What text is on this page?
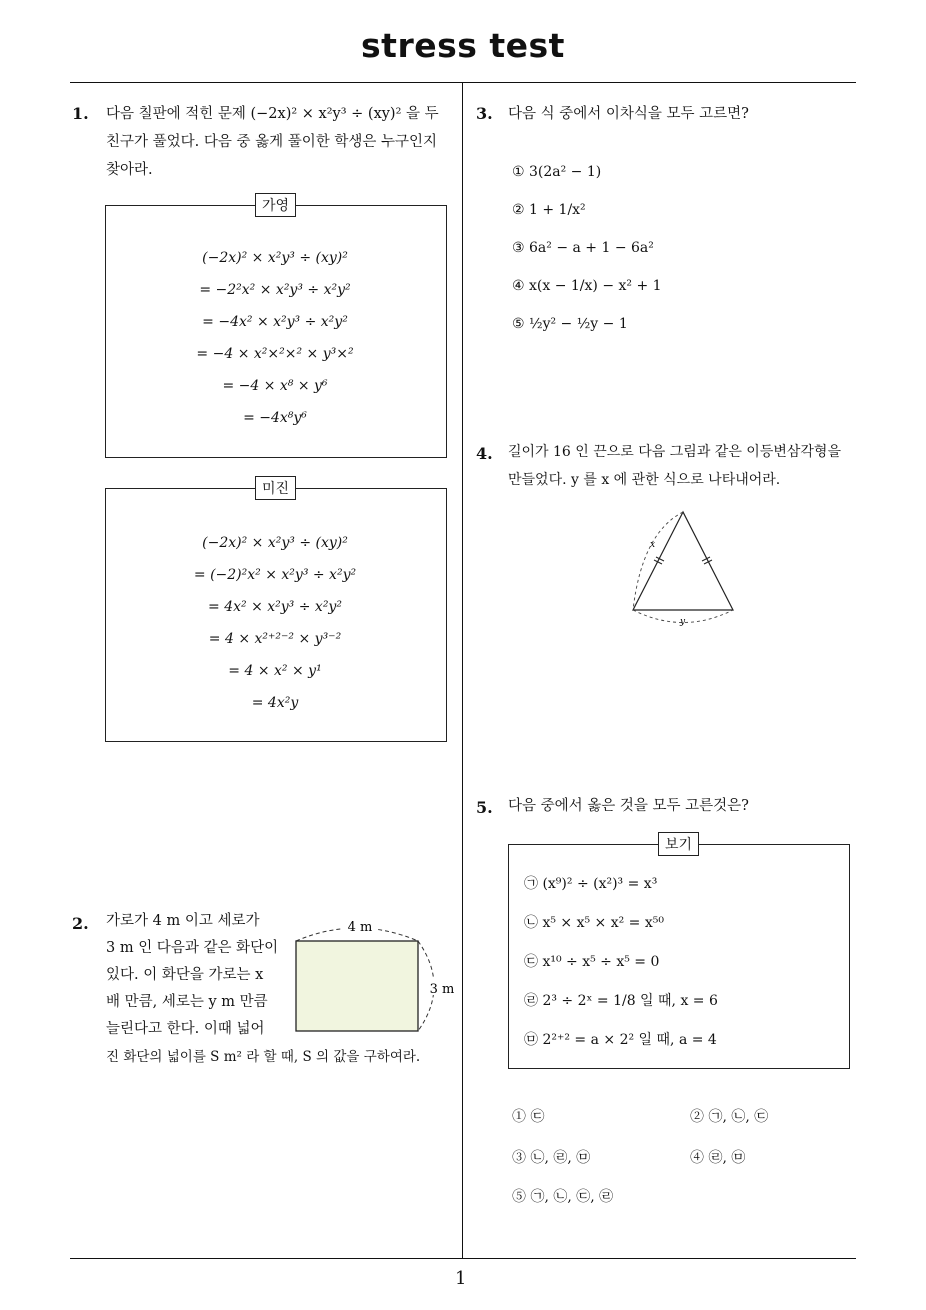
stress test
1
1. 다음 칠판에 적힌 문제 (−2x)² × x²y³ ÷ (xy)² 을 두
친구가 풀었다. 다음 중 옳게 풀이한 학생은 누구인지
찾아라.
가영
(−2x)² × x²y³ ÷ (xy)²
= −2²x² × x²y³ ÷ x²y²
= −4x² × x²y³ ÷ x²y²
= −4 × x²×²×² × y³×²
= −4 × x⁸ × y⁶
= −4x⁸y⁶
미진
(−2x)² × x²y³ ÷ (xy)²
= (−2)²x² × x²y³ ÷ x²y²
= 4x² × x²y³ ÷ x²y²
= 4 × x²⁺²⁻² × y³⁻²
= 4 × x² × y¹
= 4x²y
2. 가로가 4 m 이고 세로가
3 m 인 다음과 같은 화단이
있다. 이 화단을 가로는 x
배 만큼, 세로는 y m 만큼
늘린다고 한다. 이때 넓어
진 화단의 넓이를 S m² 라 할 때, S 의 값을 구하여라.
4 m
3 m
3. 다음 식 중에서 이차식을 모두 고르면?
① 3(2a² − 1)
② 1 + 1/x²
③ 6a² − a + 1 − 6a²
④ x(x − 1/x) − x² + 1
⑤ ½y² − ½y − 1
4. 길이가 16 인 끈으로 다음 그림과 같은 이등변삼각형을
만들었다. y 를 x 에 관한 식으로 나타내어라.
x
y
5. 다음 중에서 옳은 것을 모두 고른것은?
보기
㉠ (x⁹)² ÷ (x²)³ = x³
㉡ x⁵ × x⁵ × x² = x⁵⁰
㉢ x¹⁰ ÷ x⁵ ÷ x⁵ = 0
㉣ 2³ ÷ 2ˣ = 1/8 일 때, x = 6
㉤ 2²⁺² = a × 2² 일 때, a = 4
① ㉢	② ㉠, ㉡, ㉢
③ ㉡, ㉣, ㉤	④ ㉣, ㉤
⑤ ㉠, ㉡, ㉢, ㉣
